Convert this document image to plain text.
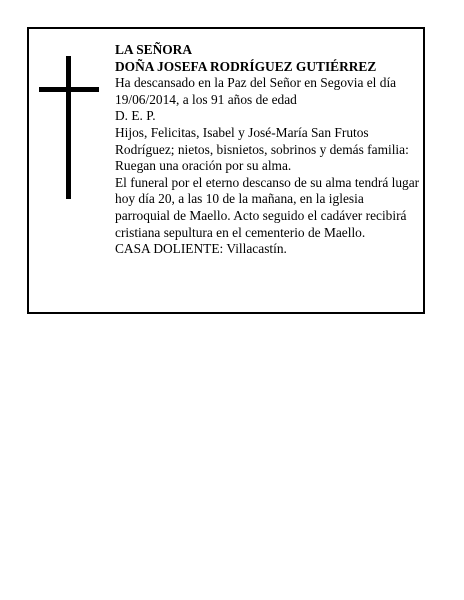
LA SEÑORA

DOÑA JOSEFA RODRÍGUEZ GUTIÉRREZ

Ha descansado en la Paz del Señor en Segovia el día 19/06/2014, a los 91 años de edad

D. E. P.

Hijos, Felicitas, Isabel y José-María San Frutos Rodríguez; nietos, bisnietos, sobrinos y demás familia:

Ruegan una oración por su alma.

El funeral por el eterno descanso de su alma tendrá lugar hoy día 20, a las 10 de la mañana, en la iglesia parroquial de Maello. Acto seguido el cadáver recibirá cristiana sepultura en el cementerio de Maello.

CASA DOLIENTE: Villacastín.
